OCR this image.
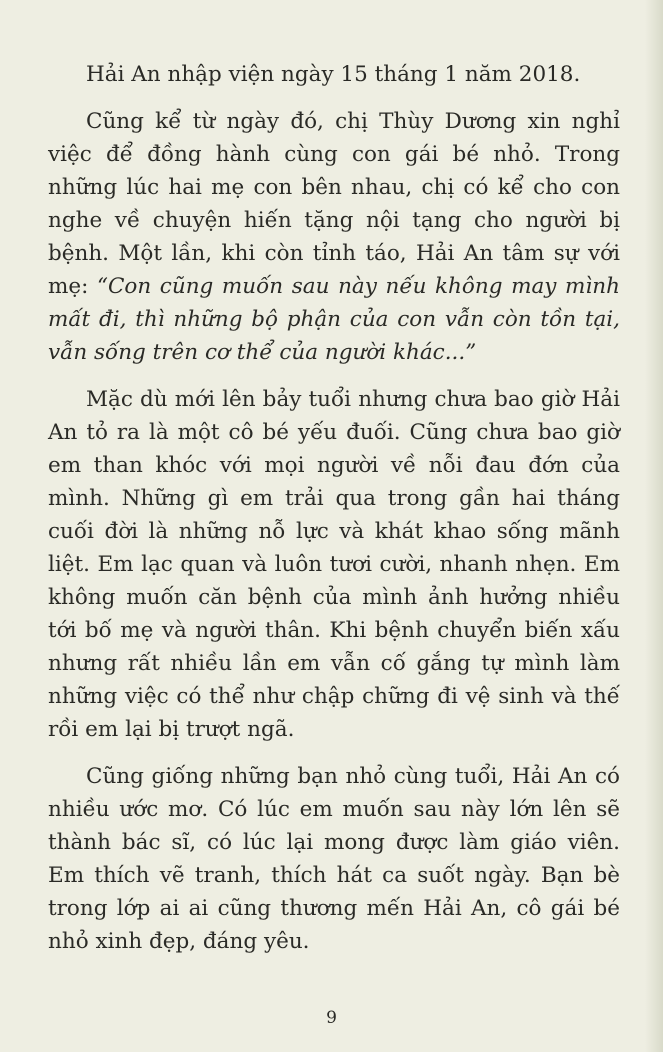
Hải An nhập viện ngày 15 tháng 1 năm 2018.

Cũng kể từ ngày đó, chị Thùy Dương xin nghỉ việc để đồng hành cùng con gái bé nhỏ. Trong những lúc hai mẹ con bên nhau, chị có kể cho con nghe về chuyện hiến tặng nội tạng cho người bị bệnh. Một lần, khi còn tỉnh táo, Hải An tâm sự với mẹ: “Con cũng muốn sau này nếu không may mình mất đi, thì những bộ phận của con vẫn còn tồn tại, vẫn sống trên cơ thể của người khác...”

Mặc dù mới lên bảy tuổi nhưng chưa bao giờ Hải An tỏ ra là một cô bé yếu đuối. Cũng chưa bao giờ em than khóc với mọi người về nỗi đau đớn của mình. Những gì em trải qua trong gần hai tháng cuối đời là những nỗ lực và khát khao sống mãnh liệt. Em lạc quan và luôn tươi cười, nhanh nhẹn. Em không muốn căn bệnh của mình ảnh hưởng nhiều tới bố mẹ và người thân. Khi bệnh chuyển biến xấu nhưng rất nhiều lần em vẫn cố gắng tự mình làm những việc có thể như chập chững đi vệ sinh và thế rồi em lại bị trượt ngã.

Cũng giống những bạn nhỏ cùng tuổi, Hải An có nhiều ước mơ. Có lúc em muốn sau này lớn lên sẽ thành bác sĩ, có lúc lại mong được làm giáo viên. Em thích vẽ tranh, thích hát ca suốt ngày. Bạn bè trong lớp ai ai cũng thương mến Hải An, cô gái bé nhỏ xinh đẹp, đáng yêu.

9
